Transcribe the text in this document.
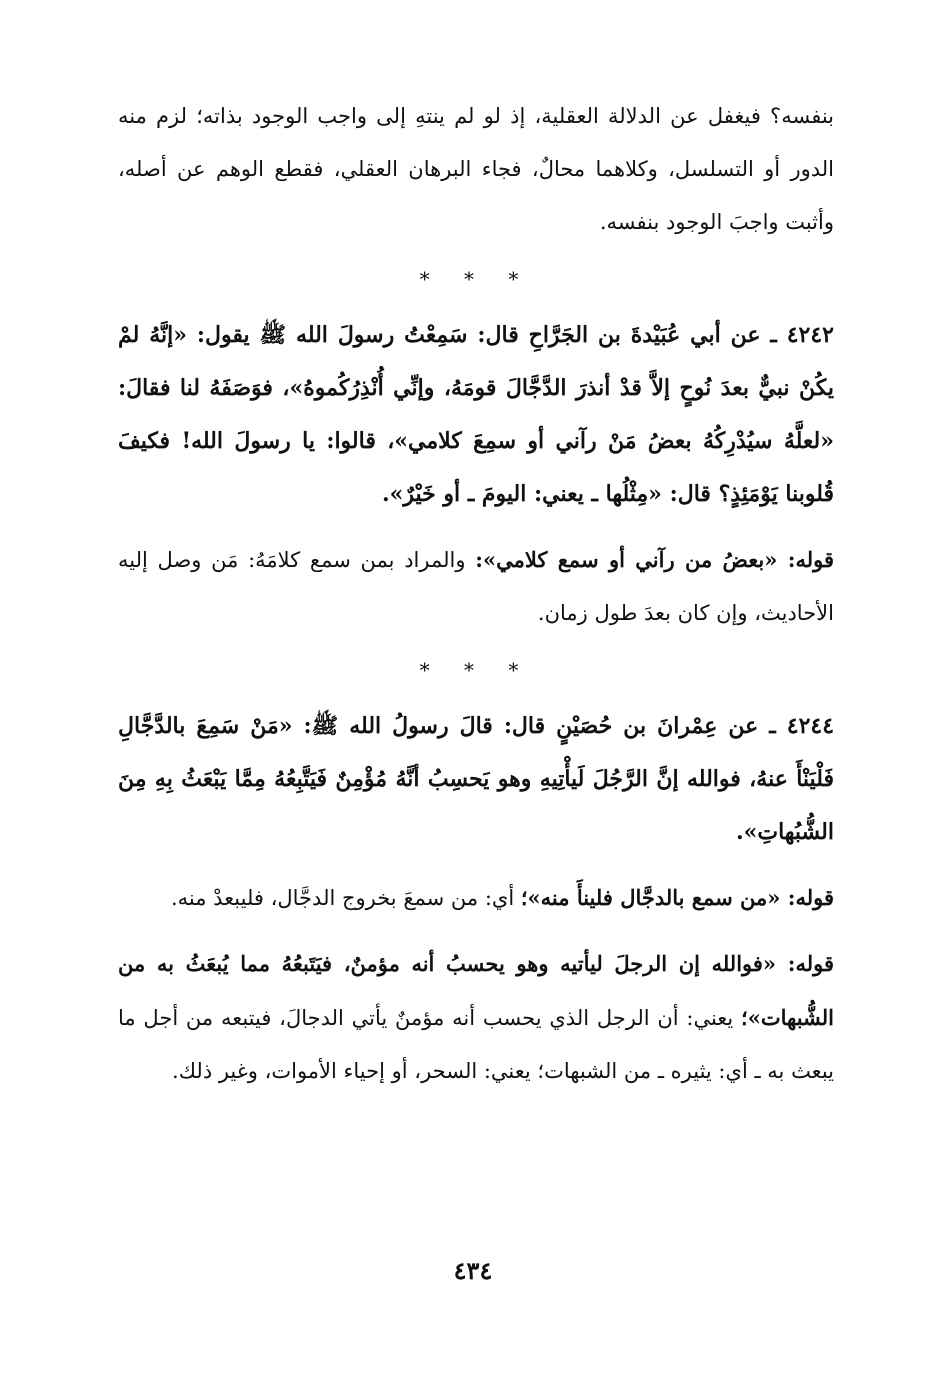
بنفسه؟ فيغفل عن الدلالة العقلية، إذ لو لم ينتهِ إلى واجب الوجود بذاته؛ لزم منه الدور أو التسلسل، وكلاهما محالٌ، فجاء البرهان العقلي، فقطع الوهم عن أصله، وأثبت واجبَ الوجود بنفسه.

* * *

٤٢٤٢ ـ عن أبي عُبَيْدةَ بن الجَرَّاحِ قال: سَمِعْتُ رسولَ الله ﷺ يقول: «إنَّهُ لمْ يكُنْ نبيٌّ بعدَ نُوحٍ إلاَّ قدْ أنذرَ الدَّجَّالَ قومَهُ، وإنِّي أُنْذِرُكُموهُ»، فوَصَفَهُ لنا فقالَ: «لعلَّهُ سيُدْرِكُهُ بعضُ مَنْ رآني أو سمِعَ كلامي»، قالوا: يا رسولَ الله! فكيفَ قُلوبنا يَوْمَئِذٍ؟ قال: «مِثْلُها ـ يعني: اليومَ ـ أو خَيْرٌ».

قوله: «بعضُ من رآني أو سمع كلامي»: والمراد بمن سمع كلامَهُ: مَن وصل إليه الأحاديث، وإن كان بعدَ طول زمان.

* * *

٤٢٤٤ ـ عن عِمْرانَ بن حُصَيْنٍ قال: قالَ رسولُ الله ﷺ: «مَنْ سَمِعَ بالدَّجَّالِ فَلْيَنْأَ عنهُ، فوالله إنَّ الرَّجُلَ لَيأْتِيهِ وهو يَحسِبُ أنَّهُ مُؤْمِنٌ فَيَتَّبِعُهُ مِمَّا يَبْعَثُ بِهِ مِنَ الشُّبُهاتِ».

قوله: «من سمع بالدجَّال فلينأَ منه»؛ أي: من سمعَ بخروج الدجَّال، فليبعدْ منه.

قوله: «فوالله إن الرجلَ ليأتيه وهو يحسبُ أنه مؤمنٌ، فيَتَبعُهُ مما يُبعَثُ به من الشُّبهات»؛ يعني: أن الرجل الذي يحسب أنه مؤمنٌ يأتي الدجالَ، فيتبعه من أجل ما يبعث به ـ أي: يثيره ـ من الشبهات؛ يعني: السحر، أو إحياء الأموات، وغير ذلك.

٤٣٤
